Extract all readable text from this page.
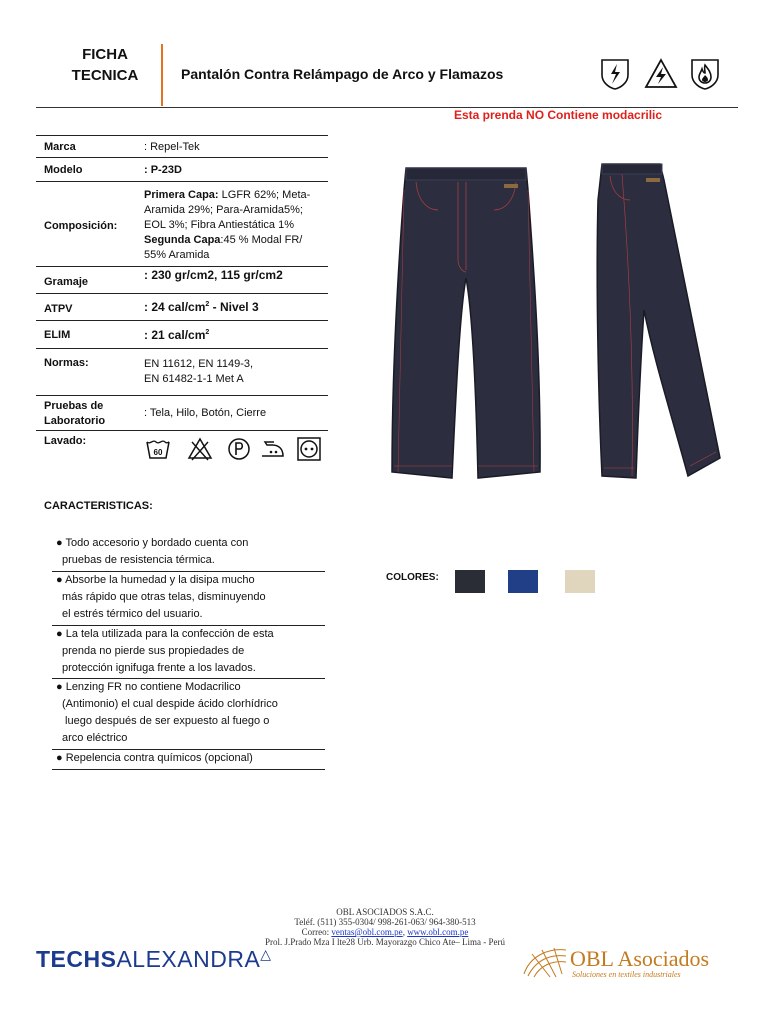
FICHA
TECNICA	Pantalón Contra Relámpago de Arco y Flamazos
Esta prenda NO Contiene modacrilic
Marca	: Repel-Tek
Modelo	: P-23D
Composición:
Primera Capa: LGFR 62%; Meta-
Aramida 29%; Para-Aramida5%;
EOL 3%; Fibra Antiestática 1%
Segunda Capa:45 % Modal FR/
55% Aramida
Gramaje	: 230 gr/cm2, 115 gr/cm2
ATPV	: 24 cal/$cm^2$ - Nivel 3
ELIM	: 21 cal/$cm^2$
Normas:	EN 11612, EN 1149-3,
EN 61482-1-1 Met A
Pruebas de
Laboratorio
: Tela, Hilo, Botón, Cierre
Lavado:
60
CARACTERISTICAS:
● Todo accesorio y bordado cuenta con
pruebas de resistencia térmica.
● Absorbe la humedad y la disipa mucho
más rápido que otras telas, disminuyendo
el estrés térmico del usuario.
● La tela utilizada para la confección de esta
prenda no pierde sus propiedades de
protección ignifuga frente a los lavados.
● Lenzing FR no contiene Modacrilico
(Antimonio) el cual despide ácido clorhídrico
luego después de ser expuesto al fuego o
arco eléctrico
● Repelencia contra químicos (opcional)
COLORES:
OBL ASOCIADOS S.A.C.
Teléf. (511) 355-0304/ 998-261-063/ 964-380-513
Correo: ventas@obl.com.pe, www.obl.com.pe
Prol. J.Prado Mza I lte28 Urb. Mayorazgo Chico Ate– Lima - Perú
TECHSALEXANDRA△	OBL Asociados
Soluciones en textiles industriales
